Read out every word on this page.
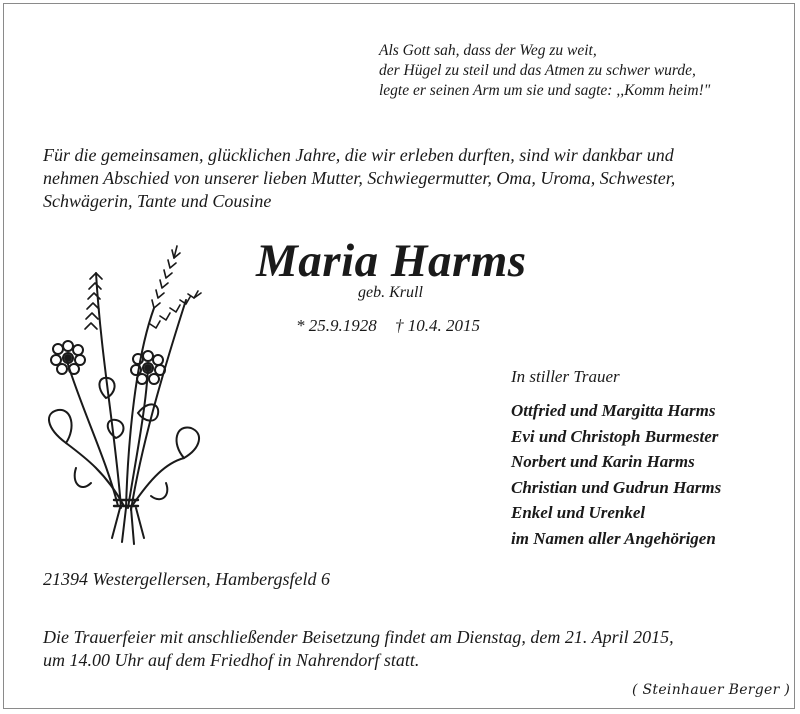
Als Gott sah, dass der Weg zu weit,
der Hügel zu steil und das Atmen zu schwer wurde,
legte er seinen Arm um sie und sagte: ,,Komm heim!"
Für die gemeinsamen, glücklichen Jahre, die wir erleben durften, sind wir dankbar und
nehmen Abschied von unserer lieben Mutter, Schwiegermutter, Oma, Uroma, Schwester,
Schwägerin, Tante und Cousine
Maria Harms
geb. Krull
* 25.9.1928 † 10.4. 2015
In stiller Trauer
Ottfried und Margitta Harms
Evi und Christoph Burmester
Norbert und Karin Harms
Christian und Gudrun Harms
Enkel und Urenkel
im Namen aller Angehörigen
21394 Westergellersen, Hambergsfeld 6
Die Trauerfeier mit anschließender Beisetzung findet am Dienstag, dem 21. April 2015,
um 14.00 Uhr auf dem Friedhof in Nahrendorf statt.
( Steinhauer Berger )
